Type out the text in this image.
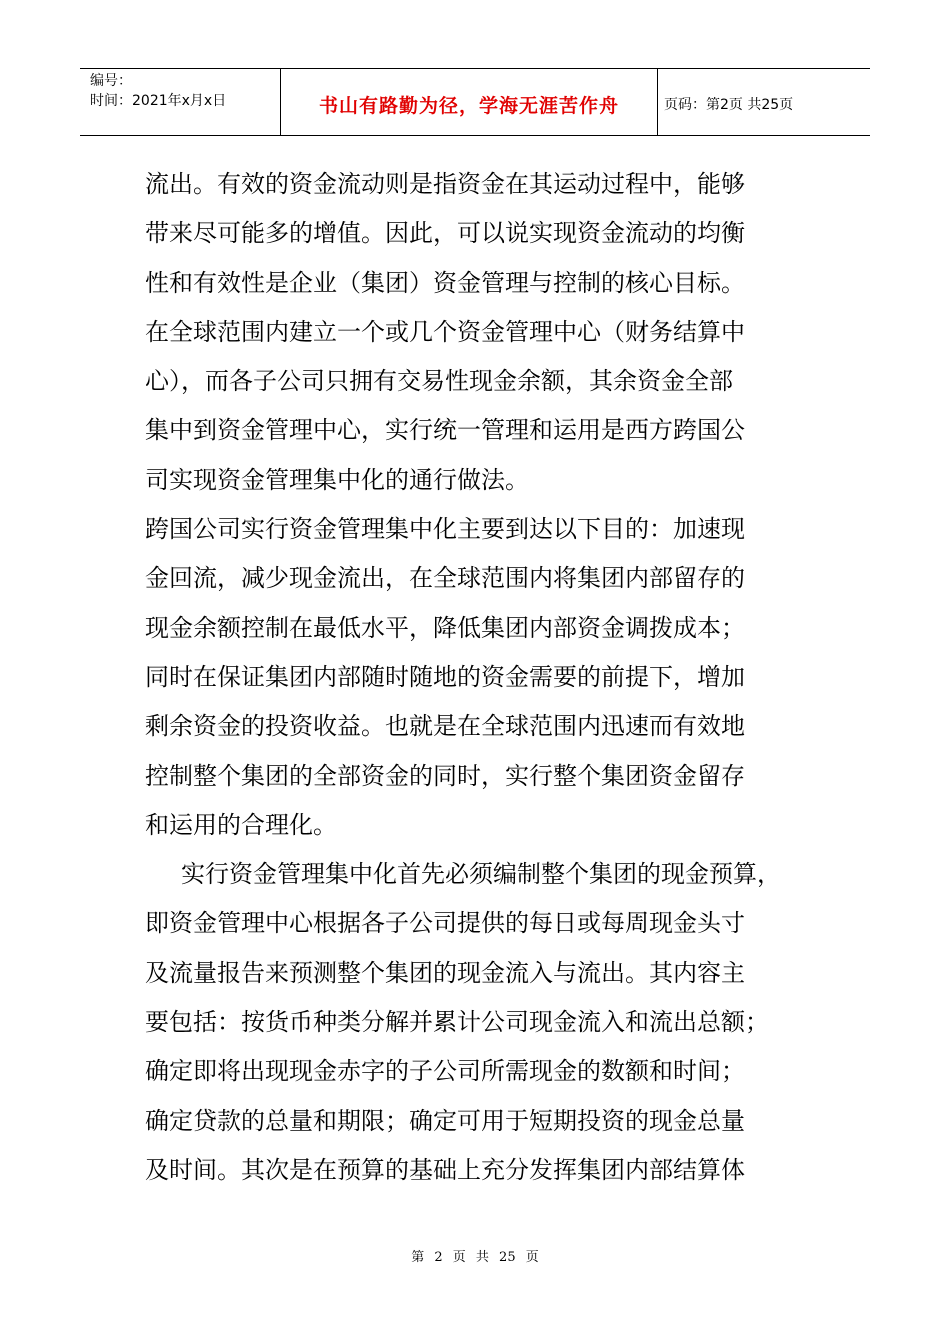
编号：
时间：2021年x月x日	书山有路勤为径，学海无涯苦作舟	页码：第2页 共25页
流出。有效的资金流动则是指资金在其运动过程中，能够
带来尽可能多的增值。因此，可以说实现资金流动的均衡
性和有效性是企业（集团）资金管理与控制的核心目标。
在全球范围内建立一个或几个资金管理中心（财务结算中
心），而各子公司只拥有交易性现金余额，其余资金全部
集中到资金管理中心，实行统一管理和运用是西方跨国公
司实现资金管理集中化的通行做法。
跨国公司实行资金管理集中化主要到达以下目的：加速现
金回流，减少现金流出，在全球范围内将集团内部留存的
现金余额控制在最低水平，降低集团内部资金调拨成本；
同时在保证集团内部随时随地的资金需要的前提下，增加
剩余资金的投资收益。也就是在全球范围内迅速而有效地
控制整个集团的全部资金的同时，实行整个集团资金留存
和运用的合理化。
实行资金管理集中化首先必须编制整个集团的现金预算，
即资金管理中心根据各子公司提供的每日或每周现金头寸
及流量报告来预测整个集团的现金流入与流出。其内容主
要包括：按货币种类分解并累计公司现金流入和流出总额；
确定即将出现现金赤字的子公司所需现金的数额和时间；
确定贷款的总量和期限；确定可用于短期投资的现金总量
及时间。其次是在预算的基础上充分发挥集团内部结算体
第 2 页 共 25 页
